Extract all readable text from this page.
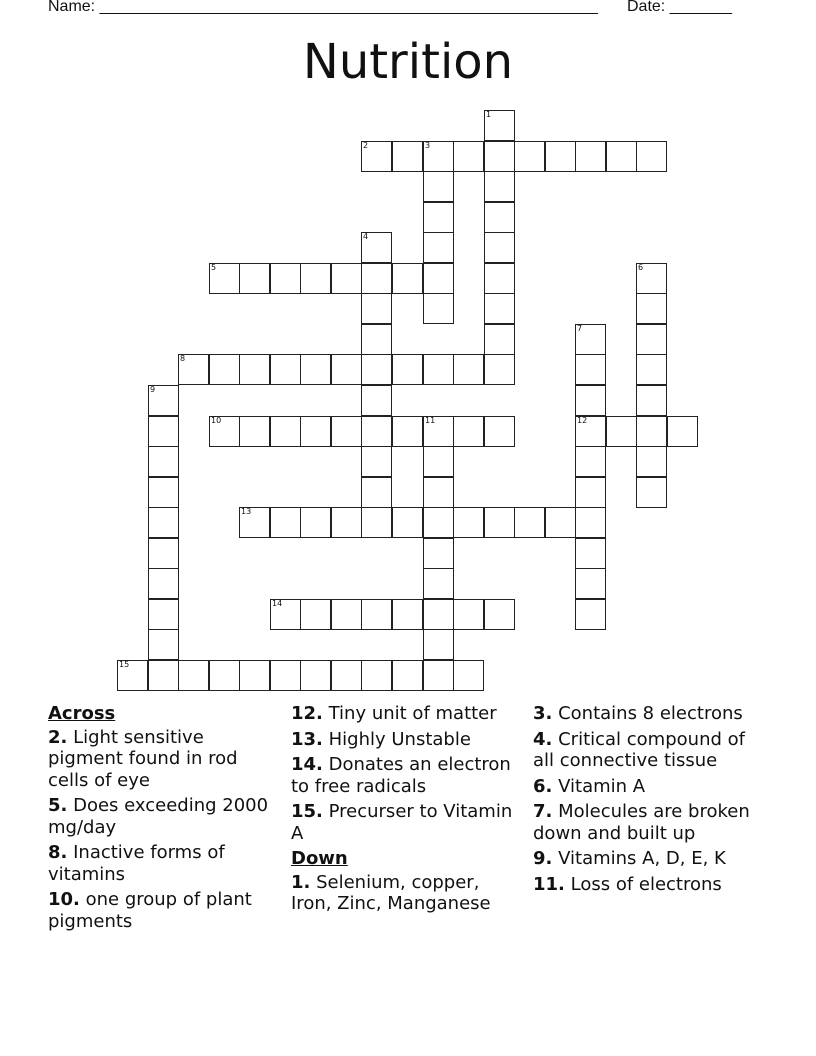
Name: ________________________________________________________ Date: _______
Nutrition
1
2	3
4
5	6
7
12
8
9
10	11
13
14
15
Across
2. Light sensitive pigment found in rod cells of eye
5. Does exceeding 2000 mg/day
8. Inactive forms of vitamins
10. one group of plant pigments
12. Tiny unit of matter
13. Highly Unstable
14. Donates an electron to free radicals
15. Precurser to Vitamin A
Down
1. Selenium, copper, Iron, Zinc, Manganese
3. Contains 8 electrons
4. Critical compound of all connective tissue
6. Vitamin A
7. Molecules are broken down and built up
9. Vitamins A, D, E, K
11. Loss of electrons
